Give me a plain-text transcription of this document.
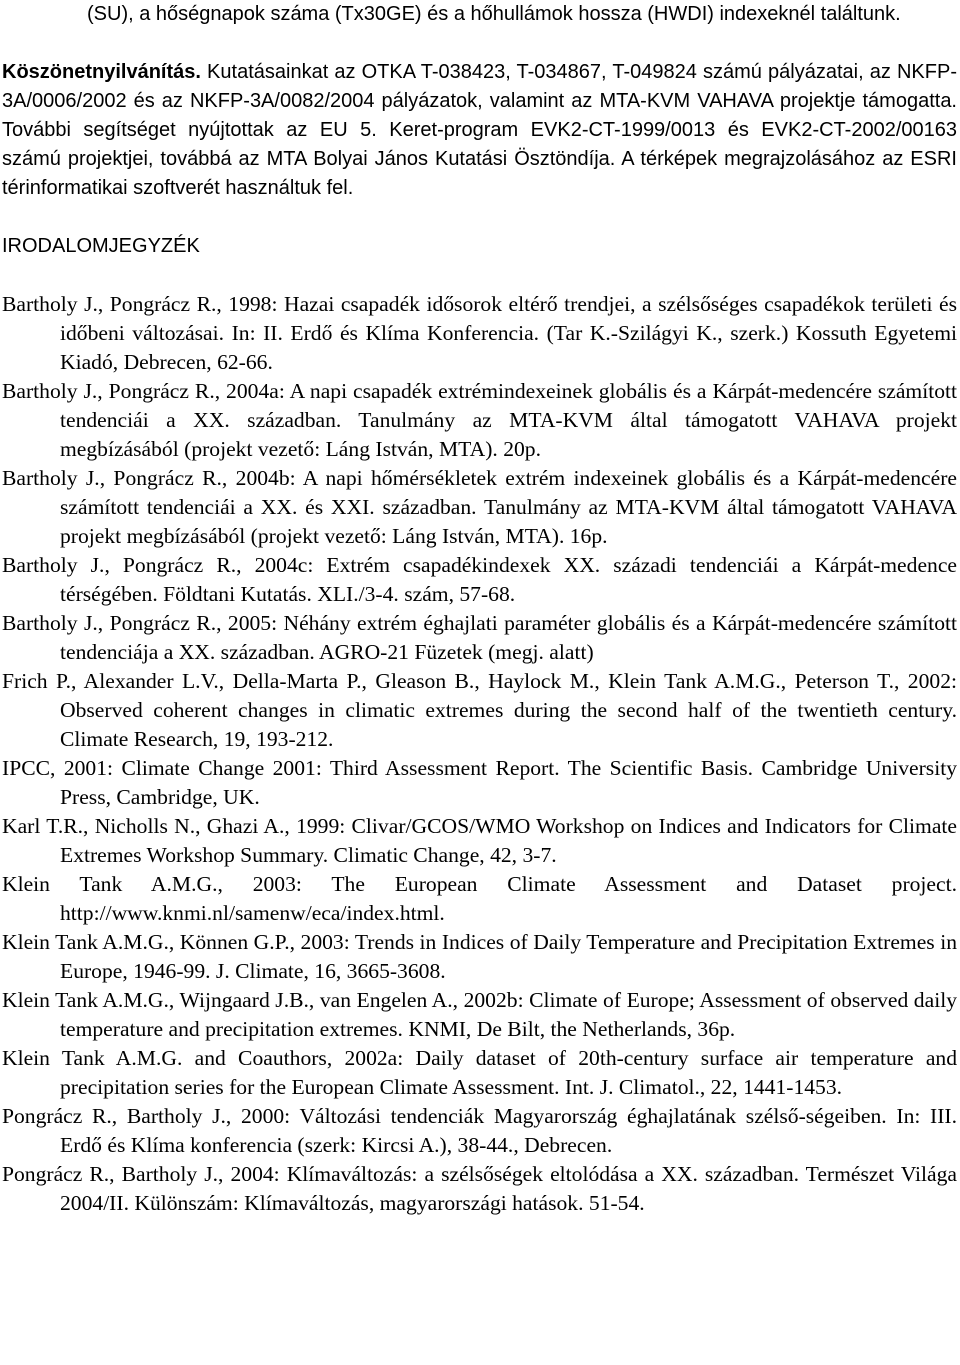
(SU), a hőségnapok száma (Tx30GE) és a hőhullámok hossza (HWDI) indexeknél találtunk.

Köszönetnyilvánítás. Kutatásainkat az OTKA T-038423, T-034867, T-049824 számú pályázatai, az NKFP-3A/0006/2002 és az NKFP-3A/0082/2004 pályázatok, valamint az MTA-KVM VAHAVA projektje támogatta. További segítséget nyújtottak az EU 5. Keret-program EVK2-CT-1999/0013 és EVK2-CT-2002/00163 számú projektjei, továbbá az MTA Bolyai János Kutatási Ösztöndíja. A térképek megrajzolásához az ESRI térinformatikai szoftverét használtuk fel.

IRODALOMJEGYZÉK

Bartholy J., Pongrácz R., 1998: Hazai csapadék idősorok eltérő trendjei, a szélsőséges csapadékok területi és időbeni változásai. In: II. Erdő és Klíma Konferencia. (Tar K.-Szilágyi K., szerk.) Kossuth Egyetemi Kiadó, Debrecen, 62-66.
Bartholy J., Pongrácz R., 2004a: A napi csapadék extrémindexeinek globális és a Kárpát-medencére számított tendenciái a XX. században. Tanulmány az MTA-KVM által támogatott VAHAVA projekt megbízásából (projekt vezető: Láng István, MTA). 20p.
Bartholy J., Pongrácz R., 2004b: A napi hőmérsékletek extrém indexeinek globális és a Kárpát-medencére számított tendenciái a XX. és XXI. században. Tanulmány az MTA-KVM által támogatott VAHAVA projekt megbízásából (projekt vezető: Láng István, MTA). 16p.
Bartholy J., Pongrácz R., 2004c: Extrém csapadékindexek XX. századi tendenciái a Kárpát-medence térségében. Földtani Kutatás. XLI./3-4. szám, 57-68.
Bartholy J., Pongrácz R., 2005: Néhány extrém éghajlati paraméter globális és a Kárpát-medencére számított tendenciája a XX. században. AGRO-21 Füzetek (megj. alatt)
Frich P., Alexander L.V., Della-Marta P., Gleason B., Haylock M., Klein Tank A.M.G., Peterson T., 2002: Observed coherent changes in climatic extremes during the second half of the twentieth century. Climate Research, 19, 193-212.
IPCC, 2001: Climate Change 2001: Third Assessment Report. The Scientific Basis. Cambridge University Press, Cambridge, UK.
Karl T.R., Nicholls N., Ghazi A., 1999: Clivar/GCOS/WMO Workshop on Indices and Indicators for Climate Extremes Workshop Summary. Climatic Change, 42, 3-7.
Klein Tank A.M.G., 2003: The European Climate Assessment and Dataset project. http://www.knmi.nl/samenw/eca/index.html.
Klein Tank A.M.G., Können G.P., 2003: Trends in Indices of Daily Temperature and Precipitation Extremes in Europe, 1946-99. J. Climate, 16, 3665-3608.
Klein Tank A.M.G., Wijngaard J.B., van Engelen A., 2002b: Climate of Europe; Assessment of observed daily temperature and precipitation extremes. KNMI, De Bilt, the Netherlands, 36p.
Klein Tank A.M.G. and Coauthors, 2002a: Daily dataset of 20th-century surface air temperature and precipitation series for the European Climate Assessment. Int. J. Climatol., 22, 1441-1453.
Pongrácz R., Bartholy J., 2000: Változási tendenciák Magyarország éghajlatának szélső-ségeiben. In: III. Erdő és Klíma konferencia (szerk: Kircsi A.), 38-44., Debrecen.
Pongrácz R., Bartholy J., 2004: Klímaváltozás: a szélsőségek eltolódása a XX. században. Természet Világa 2004/II. Különszám: Klímaváltozás, magyarországi hatások. 51-54.
